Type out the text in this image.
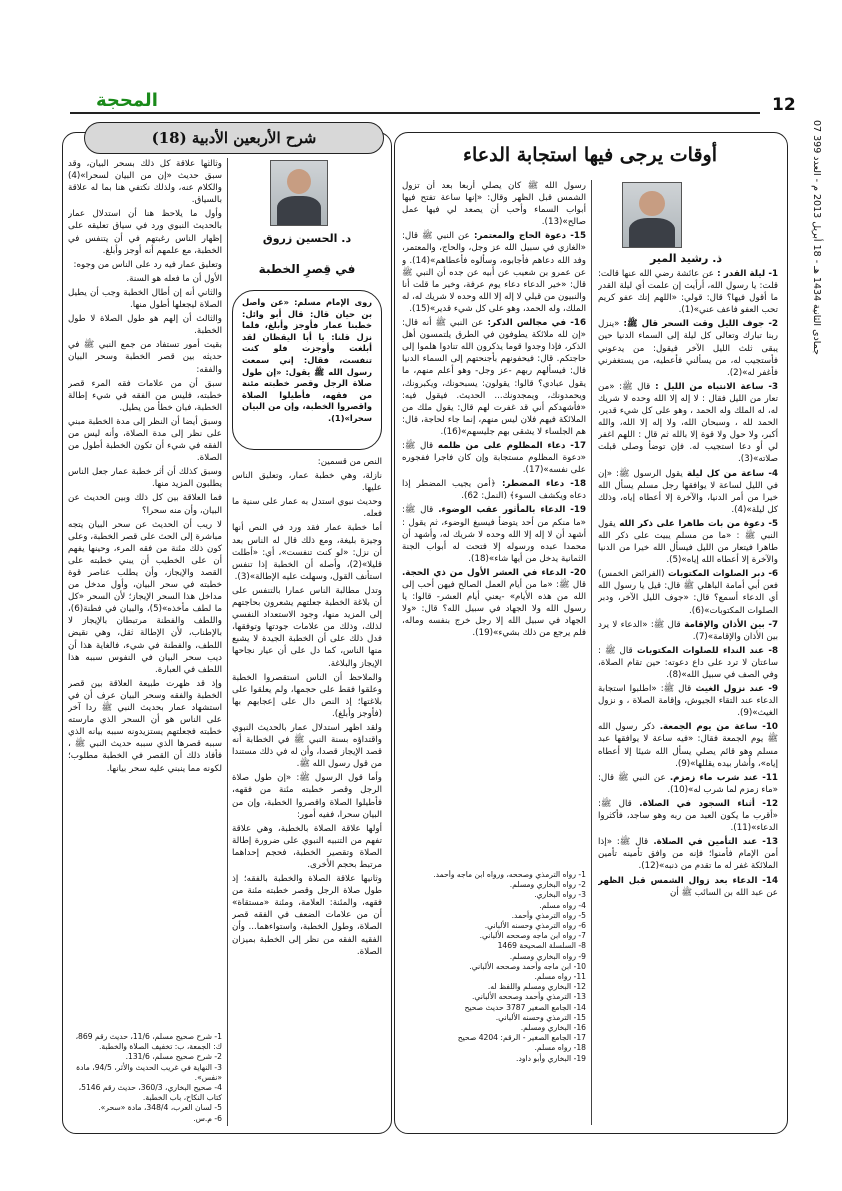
12
المحجة
07 جمادى الثانية 1434 هـ - 18 أبريل 2013 م - العدد 399
أوقات يرجى فيها استجابة الدعاء
ذ. رشيد المير

1- ليلة القدر : عن عائشة رضي الله عنها قالت: قلت: يا رسول الله، أرأيت إن علمت أي ليلة القدر ما أقول فيها؟ قال: قولي: «اللهم إنك عفو كريم تحب العفو فاعف عني»(1).

2- جوف الليل وقت السحر قال ﷺ: «ينزل ربنا تبارك وتعالى كل ليلة إلى السماء الدنيا حين يبقى ثلث الليل الآخر فيقول: من يدعوني فأستجيب له، من يسألني فأعطيه، من يستغفرني فأغفر له»(2).

3- ساعة الانتباه من الليل : قال ﷺ: «من تعار من الليل فقال : لا إله إلا الله وحده لا شريك له، له الملك وله الحمد ، وهو على كل شيء قدير، الحمد لله ، وسبحان الله، ولا إله إلا الله، والله أكبر، ولا حول ولا قوة إلا بالله ثم قال : اللهم اغفر لي أو دعا استجيب له. فإن توضأ وصلى قبلت صلاته»(3).

4- ساعة من كل ليلة يقول الرسول ﷺ: «إن في الليل لساعة لا يوافقها رجل مسلم يسأل الله خيرا من أمر الدنيا، والآخرة إلا أعطاه إياه، وذلك كل ليلة»(4).

5- دعوة من بات طاهرا على ذكر الله يقول النبي ﷺ : «ما من مسلم يبيت على ذكر الله طاهرا فيتعار من الليل فيسأل الله خيرا من الدنيا والآخرة إلا أعطاه الله إياه»(5).

6- دبر الصلوات المكتوبات (الفرائض الخمس) فعن أبي أمامة الباهلي ﷺ قال: قيل يا رسول الله أي الدعاء أسمع؟ قال: «جوف الليل الآخر، ودبر الصلوات المكتوبات»(6).

7- بين الأذان والإقامة قال ﷺ: «الدعاء لا يرد بين الأذان والإقامة»(7).

8- عند النداء للصلوات المكتوبات قال ﷺ : ساعتان لا ترد على داع دعوته: حين تقام الصلاة، وفي الصف في سبيل الله»(8).

9- عند نزول الغيث قال ﷺ: «اطلبوا استجابة الدعاء عند التقاء الجيوش، وإقامة الصلاة ، و نزول الغيث»(9).

10- ساعة من يوم الجمعة. ذكر رسول الله ﷺ يوم الجمعة فقال: «فيه ساعة لا يوافقها عبد مسلم وهو قائم يصلي يسأل الله شيئا إلا أعطاه إياه»، وأشار بيده يقللها»(9).

11- عند شرب ماء زمزم. عن النبي ﷺ قال: «ماء زمزم لما شرب له»(10).

12- أثناء السجود في الصلاة. قال ﷺ: «أقرب ما يكون العبد من ربه وهو ساجد، فأكثروا الدعاء»(11).

13- عند التأمين في الصلاة. قال ﷺ: «إذا أمن الإمام فأمنوا؛ فإنه من وافق تأمينه تأمين الملائكة غفر له ما تقدم من ذنبه»(12).

14- الدعاء بعد زوال الشمس قبل الظهر عن عبد الله بن السائب ﷺ أن

رسول الله ﷺ كان يصلي أربعا بعد أن تزول الشمس قبل الظهر وقال: «إنها ساعة تفتح فيها أبواب السماء وأحب أن يصعد لي فيها عمل صالح»(13).

15- دعوة الحاج والمعتمر: عن النبي ﷺ قال: «الغازي في سبيل الله عز وجل، والحاج، والمعتمر، وفد الله دعاهم فأجابوه، وسألوه فأعطاهم»(14). و عن عمرو بن شعيب عن أبيه عن جده أن النبي ﷺ قال: «خير الدعاء دعاء يوم عرفة، وخير ما قلت أنا والنبيون من قبلي لا إله إلا الله وحده لا شريك له، له الملك، وله الحمد، وهو على كل شيء قدير»(15).

16- في مجالس الذكر: عن النبي ﷺ أنه قال: «إن لله ملائكة يطوفون في الطرق يلتمسون أهل الذكر، فإذا وجدوا قوما يذكرون الله تنادوا هلموا إلى حاجتكم. قال: فيحفونهم بأجنحتهم إلى السماء الدنيا قال: فيسألهم ربهم -عز وجل- وهو أعلم منهم، ما يقول عبادي؟ قالوا: يقولون: يسبحونك، ويكبرونك، ويحمدونك، ويمجدونك... الحديث. فيقول فيه: «فأشهدكم أني قد غفرت لهم قال: يقول ملك من الملائكة فيهم فلان ليس منهم، إنما جاء لحاجة، قال: هم الجلساء لا يشقى بهم جليسهم»(16).

17- دعاء المظلوم على من ظلمه قال ﷺ: «دعوة المظلوم مستجابة وإن كان فاجرا ففجوره على نفسه»(17).

18- دعاء المضطر: ﴿أمن يجيب المضطر إذا دعاه ويكشف السوء﴾ (النمل: 62).

19- الدعاء بالمأثور عقب الوضوء. قال ﷺ: «ما منكم من أحد يتوضأ فيسبغ الوضوء، ثم يقول : أشهد أن لا إله إلا الله وحده لا شريك له، وأشهد أن محمدا عبده ورسوله إلا فتحت له أبواب الجنة الثمانية يدخل من أيها شاء»(18).

20- الدعاء في العشر الأول من ذي الحجة. قال ﷺ: «ما من أيام العمل الصالح فيهن أحب إلى الله من هذه الأيام» -يعني أيام العشر- قالوا: يا رسول الله ولا الجهاد في سبيل الله؟ قال: «ولا الجهاد في سبيل الله إلا رجل خرج بنفسه وماله، فلم يرجع من ذلك بشيء»(19).

1- رواه الترمذي وصححه، ورواه ابن ماجه وأحمد.
2- رواه البخاري ومسلم.
3- رواه البخاري.
4- رواه مسلم.
5- رواه الترمذي وأحمد.
6- رواه الترمذي وحسنه الألباني.
7- رواه ابن ماجه وصححه الألباني.
8- السلسلة الصحيحة 1469
9- رواه البخاري ومسلم.
10- ابن ماجه وأحمد وصححه الألباني.
11- رواه مسلم.
12- البخاري ومسلم واللفظ له.
13- الترمذي وأحمد وصححه الألباني.
14- الجامع الصغير 3787 حديث صحيح
15- الترمذي وحسنه الألباني.
16- البخاري ومسلم.
17- الجامع الصغير - الرقم: 4204 صحيح
18- رواه مسلم.
19- البخاري وأبو داود.
شرح الأربعين الأدبية (18)
د. الحسين زروق
في قِصرِ الخطبة
روى الإمام مسلم: «عن واصل بن حيان قال: قال أبو وائل: خطبنا عمار فأوجز وأبلغ، فلما نزل قلنا: يا أبا اليقظان لقد أبلغت وأوجزت فلو كنت تنفست، فقال: إني سمعت رسول الله ﷺ يقول: «إن طول صلاة الرجل وقصر خطبته مئنة من فقهه، فأطيلوا الصلاة واقصروا الخطبة، وإن من البيان سحرا»(1).

النص من قسمين:

نازلة، وهي خطبة عمار، وتعليق الناس عليها.

وحديث نبوي استدل به عمار على سنية ما فعله.

أما خطبة عمار فقد ورد في النص أنها وجيزة بليغة، ومع ذلك قال له الناس بعد أن نزل: «لو كنت تنفست»، أي: «أطلت قليلا»(2)، وأصله أن الخطبة إذا تنفس استأنف القول، وسهلت عليه الإطالة»(3).

وتدل مطالبة الناس عمارا بالتنفس على أن بلاغة الخطبة جعلتهم يشعرون بحاجتهم إلى المزيد منها، وجود الاستعداد النفسي لذلك، وذلك من علامات جودتها وتوفقها، فدل ذلك على أن الخطبة الجيدة لا يشبع منها الناس، كما دل على أن عيار نجاحها الإيجاز والبلاغة.

والملاحظ أن الناس استقصروا الخطبة وعلقوا فقط على حجمها، ولم يعلقوا على بلاغتها؛ إذ النص دال على إعجابهم بها (فأوجز وأبلغ).

ولقد اظهر استدلال عمار بالحديث النبوي واقتداؤه بسنة النبي ﷺ في الخطابة أنه قصد الإيجاز قصدا، وأن له في ذلك مستندا من قول رسول الله ﷺ.

وأما قول الرسول ﷺ: «إن طول صلاة الرجل وقصر خطبته مئنة من فقهه، فأطيلوا الصلاة واقصروا الخطبة، وإن من البيان سحرا، ففيه أمور:

أولها علاقة الصلاة بالخطبة، وهي علاقة تفهم من التنبيه النبوي على ضرورة إطالة الصلاة وتقصير الخطبة، فحجم إحداهما مرتبط بحجم الأخرى.

وثانيها علاقة الصلاة والخطبة بالفقه؛ إذ طول صلاة الرجل وقصر خطبته مئنة من فقهه، والمئنة: العلامة، ومئنة «مستقاة» أن من علامات الضعف في الفقه قصر الصلاة، وطول الخطبة، واستواءهما... وأن الفقيه الفقه من نظر إلى الخطبة بميزان الصلاة.

وثالثها علاقة كل ذلك بسحر البيان، وقد سبق حديث «إن من البيان لسحرا»(4) والكلام عنه، ولذلك نكتفي هنا بما له علاقة بالسياق.

وأول ما يلاحظ هنا أن استدلال عمار بالحديث النبوي ورد في سياق تعليقه على إظهار الناس رغبتهم في أن يتنفس في الخطبة، مع علمهم أنه أوجز وأبلغ.

وتعليق عمار فيه رد على الناس من وجوه:

الأول أن ما فعله هو السنة.

والثاني أنه إن أطال الخطبة وجب أن يطيل الصلاة ليجعلها أطول منها.

والثالث أن إلهم هو طول الصلاة لا طول الخطبة.

بقيت أمور تستفاد من جمع النبي ﷺ في حديثه بين قصر الخطبة وسحر البيان والفقه:

سبق أن من علامات فقه المرء قصر خطبته، فليس من الفقه في شيء إطالة الخطبة، فبان خطأ من يطيل.

وسبق أيضا أن النظر إلى مدة الخطبة مبني على نظر إلى مدة الصلاة، وأنه ليس من الفقه في شيء أن تكون الخطبة أطول من الصلاة.

وسبق كذلك أن أثر خطبة عمار جعل الناس يطلبون المزيد منها.

فما العلاقة بين كل ذلك وبين الحديث عن البيان، وأن منه سحرا؟

لا ريب أن الحديث عن سحر البيان يتجه مباشرة إلى الحث على قصر الخطبة، وعلى كون ذلك مئنة من فقه المرء، وحينها يفهم أن على الخطيب أن يبني خطبته على القصد والإيجاز، وأن يطلب عناصر قوة خطبته في سحر البيان، وأول مدخل من مداخل هذا السحر الإيجاز؛ لأن السحر «كل ما لطف مأخذه»(5)، والبيان في فطنة(6)، واللطف والفطنة مرتبطان بالإيجاز لا بالإطناب، لأن الإطالة ثقل، وهي نقيض اللطف، والفطنة في شيء، فالغاية هذا أن ديب سحر البيان في النفوس سببه هذا اللطف في العبارة.

وإذ قد ظهرت طبيعة العلاقة بين قصر الخطبة والفقه وسحر البيان عرف أن في استشهاد عمار بحديث النبي ﷺ ردا آخر على الناس هو أن السحر الذي مارسته خطبته فجعلتهم يستزيدونه سببه بيانه الذي سببه قصرها الذي سببه حديث النبي ﷺ ، فأفاد ذلك أن القصر في الخطبة مطلوب؛ لكونه مما ينبني عليه سحر بيانها.

1- شرح صحيح مسلم، 11/6، حديث رقم 869، ك: الجمعة، ب: تخفيف الصلاة والخطبة.
2- شرح صحيح مسلم، 131/6.
3- النهاية في غريب الحديث والأثر، 94/5، مادة «نفس».
4- صحيح البخاري، 360/3، حديث رقم 5146، كتاب النكاح، باب الخطبة.
5- لسان العرب، 348/4، مادة «سحر».
6- م.س.
